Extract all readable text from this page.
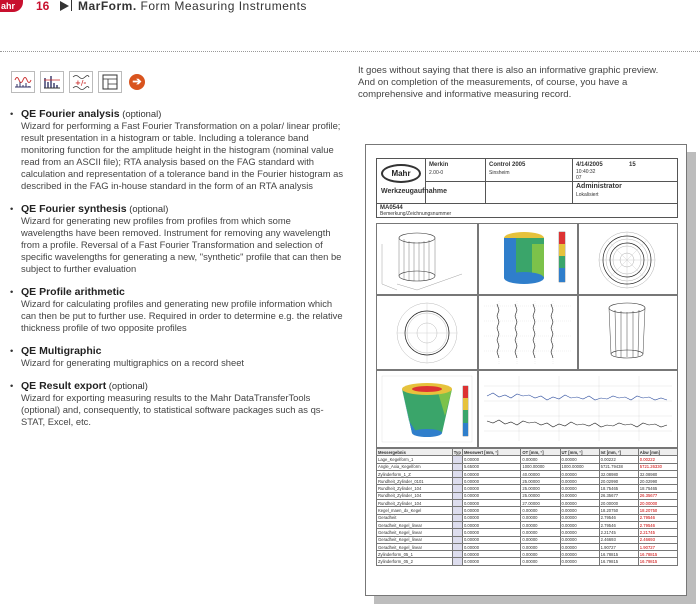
ahr	16 MarForm. Form Measuring Instruments
+/-	➔
• QE Fourier analysis (optional)
Wizard for performing a Fast Fourier Transformation on a polar/ linear profile; result presentation in a histogram or table. Including a tolerance band monitoring function for the amplitude height in the histogram (nominal value read from an ASCII file); RTA analysis based on the FAG standard with calculation and representation of a tolerance band in the Fourier histogram as described in the FAG in-house standard in the form of an RTA analysis
• QE Fourier synthesis (optional)
Wizard for generating new profiles from profiles from which some wavelengths have been removed. Instrument for removing any wavelength from a profile. Reversal of a Fast Fourier Transformation and selection of specific wavelengths for generating a new, "synthetic" profile that can then be subject to further evaluation
• QE Profile arithmetic
Wizard for calculating profiles and generating new profile information which can then be put to further use. Required in order to determine e.g. the relative thickness profile of two opposite profiles
• QE Multigraphic
Wizard for generating multigraphics on a record sheet
• QE Result export (optional)
Wizard for exporting measuring results to the Mahr DataTransferTools (optional) and, consequently, to statistical software packages such as qs-STAT, Excel, etc.
It goes without saying that there is also an informative graphic preview.
And on completion of the measurements, of course, you have a comprehensive and informative measuring record.
Mahr
Merkin
2.00-0
Control 2005
Sinsheim
4/14/2005	15
10:40:32
07
Administrator
Lokalisiert
Werkzeugaufnahme
MA0544
Bemerkung/Zeichnungsnummer
Messergebnis	Typ	Messwert [mm, °]	OT [mm, °]	UT [mm, °]	Ist [mm, °]	Abw [mm]
Lage_Kegelform_1		0.00000	0.00000	0.00000	0.00222	0.00222
Angle_Axia_Kegelform		5.65000	1000.00000	1000.00000	5721.79438	5721.26330
Zylinderform_1_Z		0.00000	40.00000	0.00000	32.08980	32.08980
Rundheit_Zylinder_0101		0.00000	25.00000	0.00000	20.02990	20.02990
Rundheit_Zylinder_104		0.00000	25.00000	0.00000	18.75465	18.75465
Rundheit_Zylinder_104		0.00000	25.00000	0.00000	26.35677	26.35677
Rundheit_Zylinder_104		0.00000	27.00000	0.00000	20.00000	20.00000
Kegel_maen_dx_Kegel		0.00000	0.00000	0.00000	18.20750	18.20750
Geradheit		0.00000	0.00000	0.00000	2.79546	2.79546
Geradheit_Kegel_linear		0.00000	0.00000	0.00000	2.79546	2.79546
Geradheit_Kegel_linear		0.00000	0.00000	0.00000	2.21745	2.21745
Geradheit_Kegel_linear		0.00000	0.00000	0.00000	2.46693	2.46693
Geradheit_Kegel_linear		0.00000	0.00000	0.00000	1.90727	1.90727
Zylinderform_05_1		0.00000	0.00000	0.00000	16.78815	16.78815
Zylinderform_05_2		0.00000	0.00000	0.00000	16.79815	16.79815
